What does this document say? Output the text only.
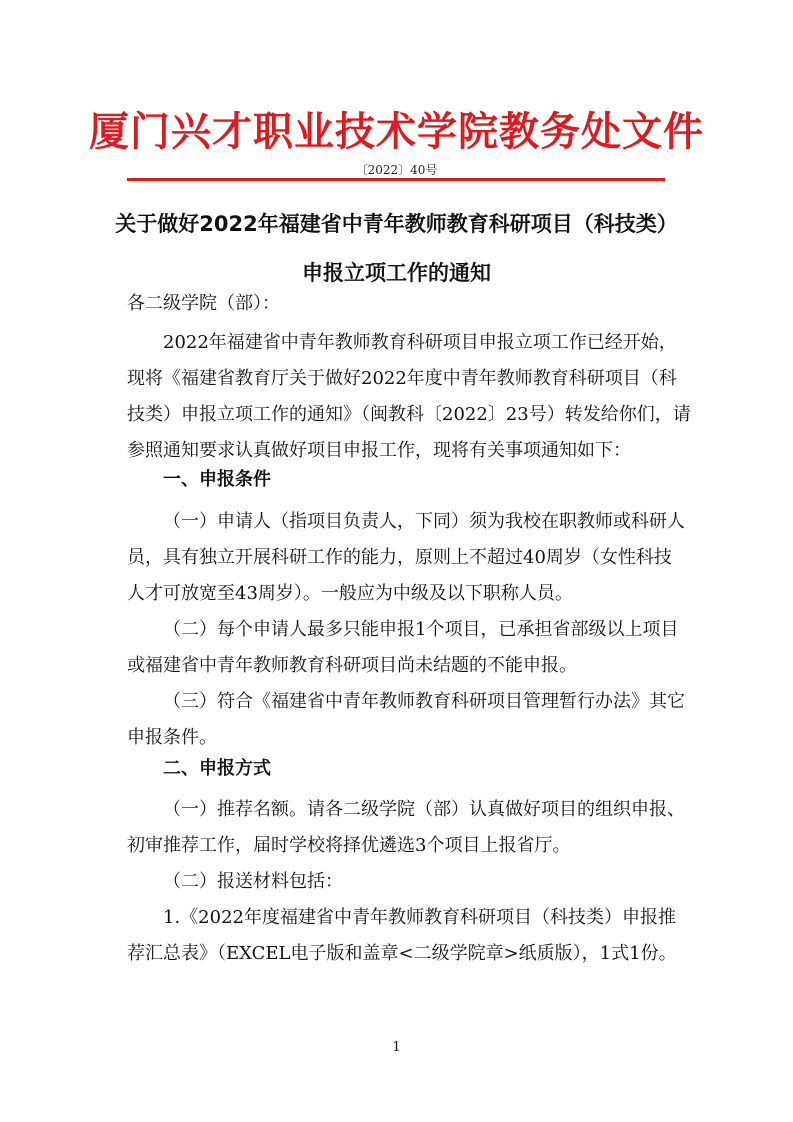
厦门兴才职业技术学院教务处文件
〔2022〕40号
关于做好2022年福建省中青年教师教育科研项目（科技类）
申报立项工作的通知
各二级学院（部）：
2022年福建省中青年教师教育科研项目申报立项工作已经开始，
现将《福建省教育厅关于做好2022年度中青年教师教育科研项目（科
技类）申报立项工作的通知》（闽教科〔2022〕23号）转发给你们，请
参照通知要求认真做好项目申报工作，现将有关事项通知如下：
一、申报条件
（一）申请人（指项目负责人，下同）须为我校在职教师或科研人
员，具有独立开展科研工作的能力，原则上不超过40周岁（女性科技
人才可放宽至43周岁）。一般应为中级及以下职称人员。
（二）每个申请人最多只能申报1个项目，已承担省部级以上项目
或福建省中青年教师教育科研项目尚未结题的不能申报。
（三）符合《福建省中青年教师教育科研项目管理暂行办法》其它
申报条件。
二、申报方式
（一）推荐名额。请各二级学院（部）认真做好项目的组织申报、
初审推荐工作，届时学校将择优遴选3个项目上报省厅。
（二）报送材料包括：
1.《2022年度福建省中青年教师教育科研项目（科技类）申报推
荐汇总表》（EXCEL电子版和盖章<二级学院章>纸质版），1式1份。
1
